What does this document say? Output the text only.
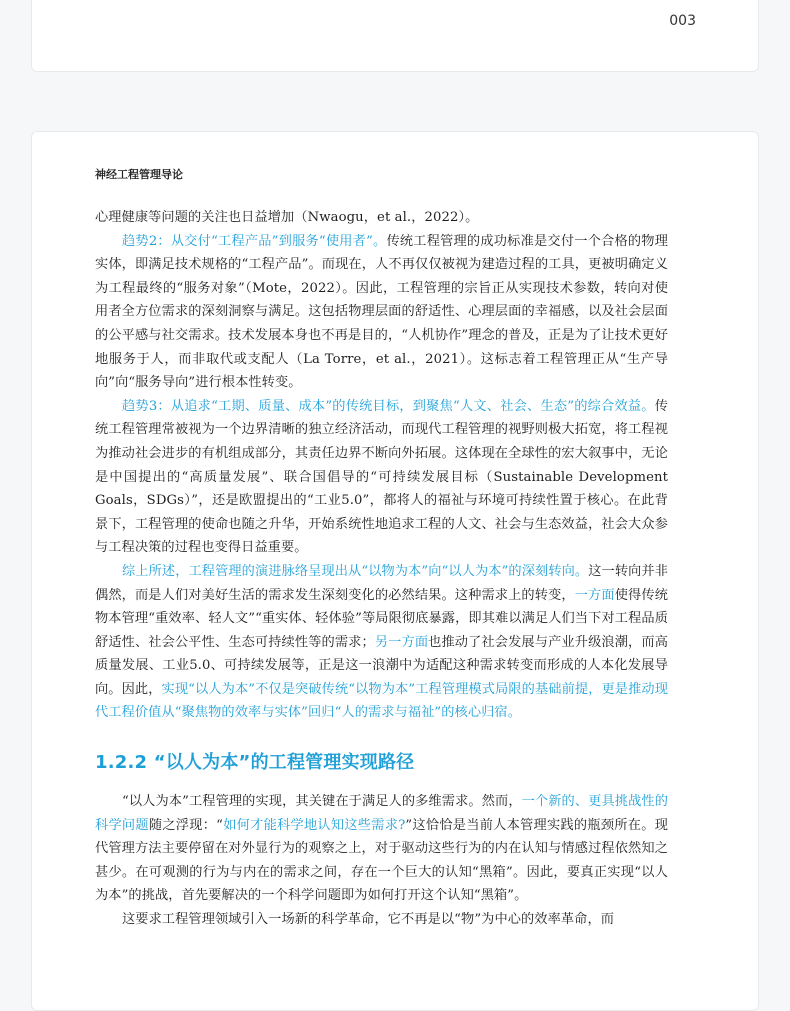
003
神经工程管理导论

心理健康等问题的关注也日益增加（Nwaogu，et al.，2022）。

趋势2：从交付“工程产品”到服务“使用者”。传统工程管理的成功标准是交付一个合格的物理实体，即满足技术规格的“工程产品”。而现在，人不再仅仅被视为建造过程的工具，更被明确定义为工程最终的“服务对象”（Mote，2022）。因此，工程管理的宗旨正从实现技术参数，转向对使用者全方位需求的深刻洞察与满足。这包括物理层面的舒适性、心理层面的幸福感，以及社会层面的公平感与社交需求。技术发展本身也不再是目的，“人机协作”理念的普及，正是为了让技术更好地服务于人，而非取代或支配人（La Torre，et al.，2021）。这标志着工程管理正从“生产导向”向“服务导向”进行根本性转变。

趋势3：从追求“工期、质量、成本”的传统目标，到聚焦“人文、社会、生态”的综合效益。传统工程管理常被视为一个边界清晰的独立经济活动，而现代工程管理的视野则极大拓宽，将工程视为推动社会进步的有机组成部分，其责任边界不断向外拓展。这体现在全球性的宏大叙事中，无论是中国提出的“高质量发展”、联合国倡导的“可持续发展目标（Sustainable Development Goals，SDGs）”，还是欧盟提出的“工业5.0”，都将人的福祉与环境可持续性置于核心。在此背景下，工程管理的使命也随之升华，开始系统性地追求工程的人文、社会与生态效益，社会大众参与工程决策的过程也变得日益重要。

综上所述，工程管理的演进脉络呈现出从“以物为本”向“以人为本”的深刻转向。这一转向并非偶然，而是人们对美好生活的需求发生深刻变化的必然结果。这种需求上的转变，一方面使得传统物本管理“重效率、轻人文”“重实体、轻体验”等局限彻底暴露，即其难以满足人们当下对工程品质舒适性、社会公平性、生态可持续性等的需求；另一方面也推动了社会发展与产业升级浪潮，而高质量发展、工业5.0、可持续发展等，正是这一浪潮中为适配这种需求转变而形成的人本化发展导向。因此，实现“以人为本”不仅是突破传统“以物为本”工程管理模式局限的基础前提，更是推动现代工程价值从“聚焦物的效率与实体”回归“人的需求与福祉”的核心归宿。

1.2.2 “以人为本”的工程管理实现路径

“以人为本”工程管理的实现，其关键在于满足人的多维需求。然而，一个新的、更具挑战性的科学问题随之浮现：“如何才能科学地认知这些需求?”这恰恰是当前人本管理实践的瓶颈所在。现代管理方法主要停留在对外显行为的观察之上，对于驱动这些行为的内在认知与情感过程依然知之甚少。在可观测的行为与内在的需求之间，存在一个巨大的认知“黑箱”。因此，要真正实现“以人为本”的挑战，首先要解决的一个科学问题即为如何打开这个认知“黑箱”。

这要求工程管理领域引入一场新的科学革命，它不再是以“物”为中心的效率革命，而
